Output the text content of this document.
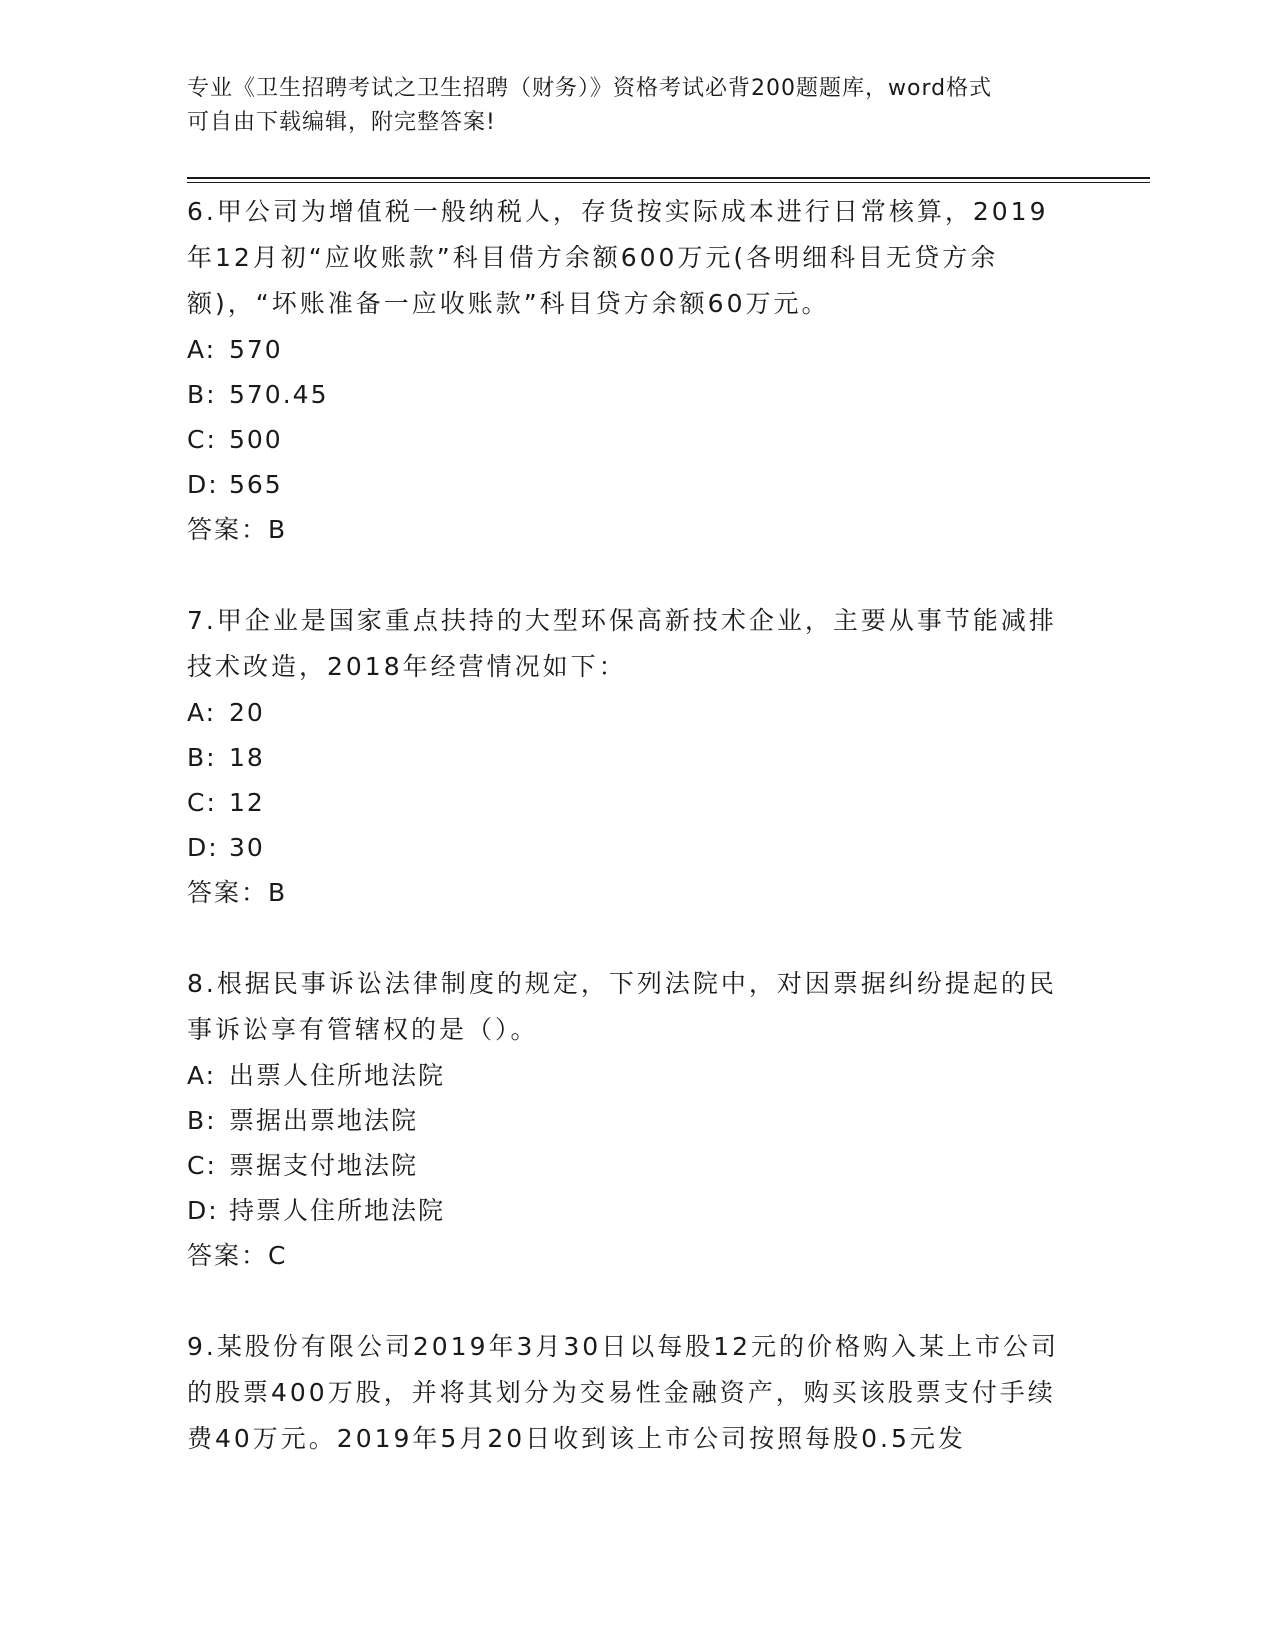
专业《卫生招聘考试之卫生招聘（财务）》资格考试必背200题题库，word格式
可自由下载编辑，附完整答案!

6.甲公司为增值税一般纳税人，存货按实际成本进行日常核算，2019年12月初“应收账款”科目借方余额600万元(各明细科目无贷方余额)，“坏账准备一应收账款”科目贷方余额60万元。

A: 570

B: 570.45

C: 500

D: 565

答案：B

7.甲企业是国家重点扶持的大型环保高新技术企业，主要从事节能减排技术改造，2018年经营情况如下：

A: 20

B: 18

C: 12

D: 30

答案：B

8.根据民事诉讼法律制度的规定，下列法院中，对因票据纠纷提起的民事诉讼享有管辖权的是（）。

A: 出票人住所地法院

B: 票据出票地法院

C: 票据支付地法院

D: 持票人住所地法院

答案：C

9.某股份有限公司2019年3月30日以每股12元的价格购入某上市公司的股票400万股，并将其划分为交易性金融资产，购买该股票支付手续费40万元。2019年5月20日收到该上市公司按照每股0.5元发
